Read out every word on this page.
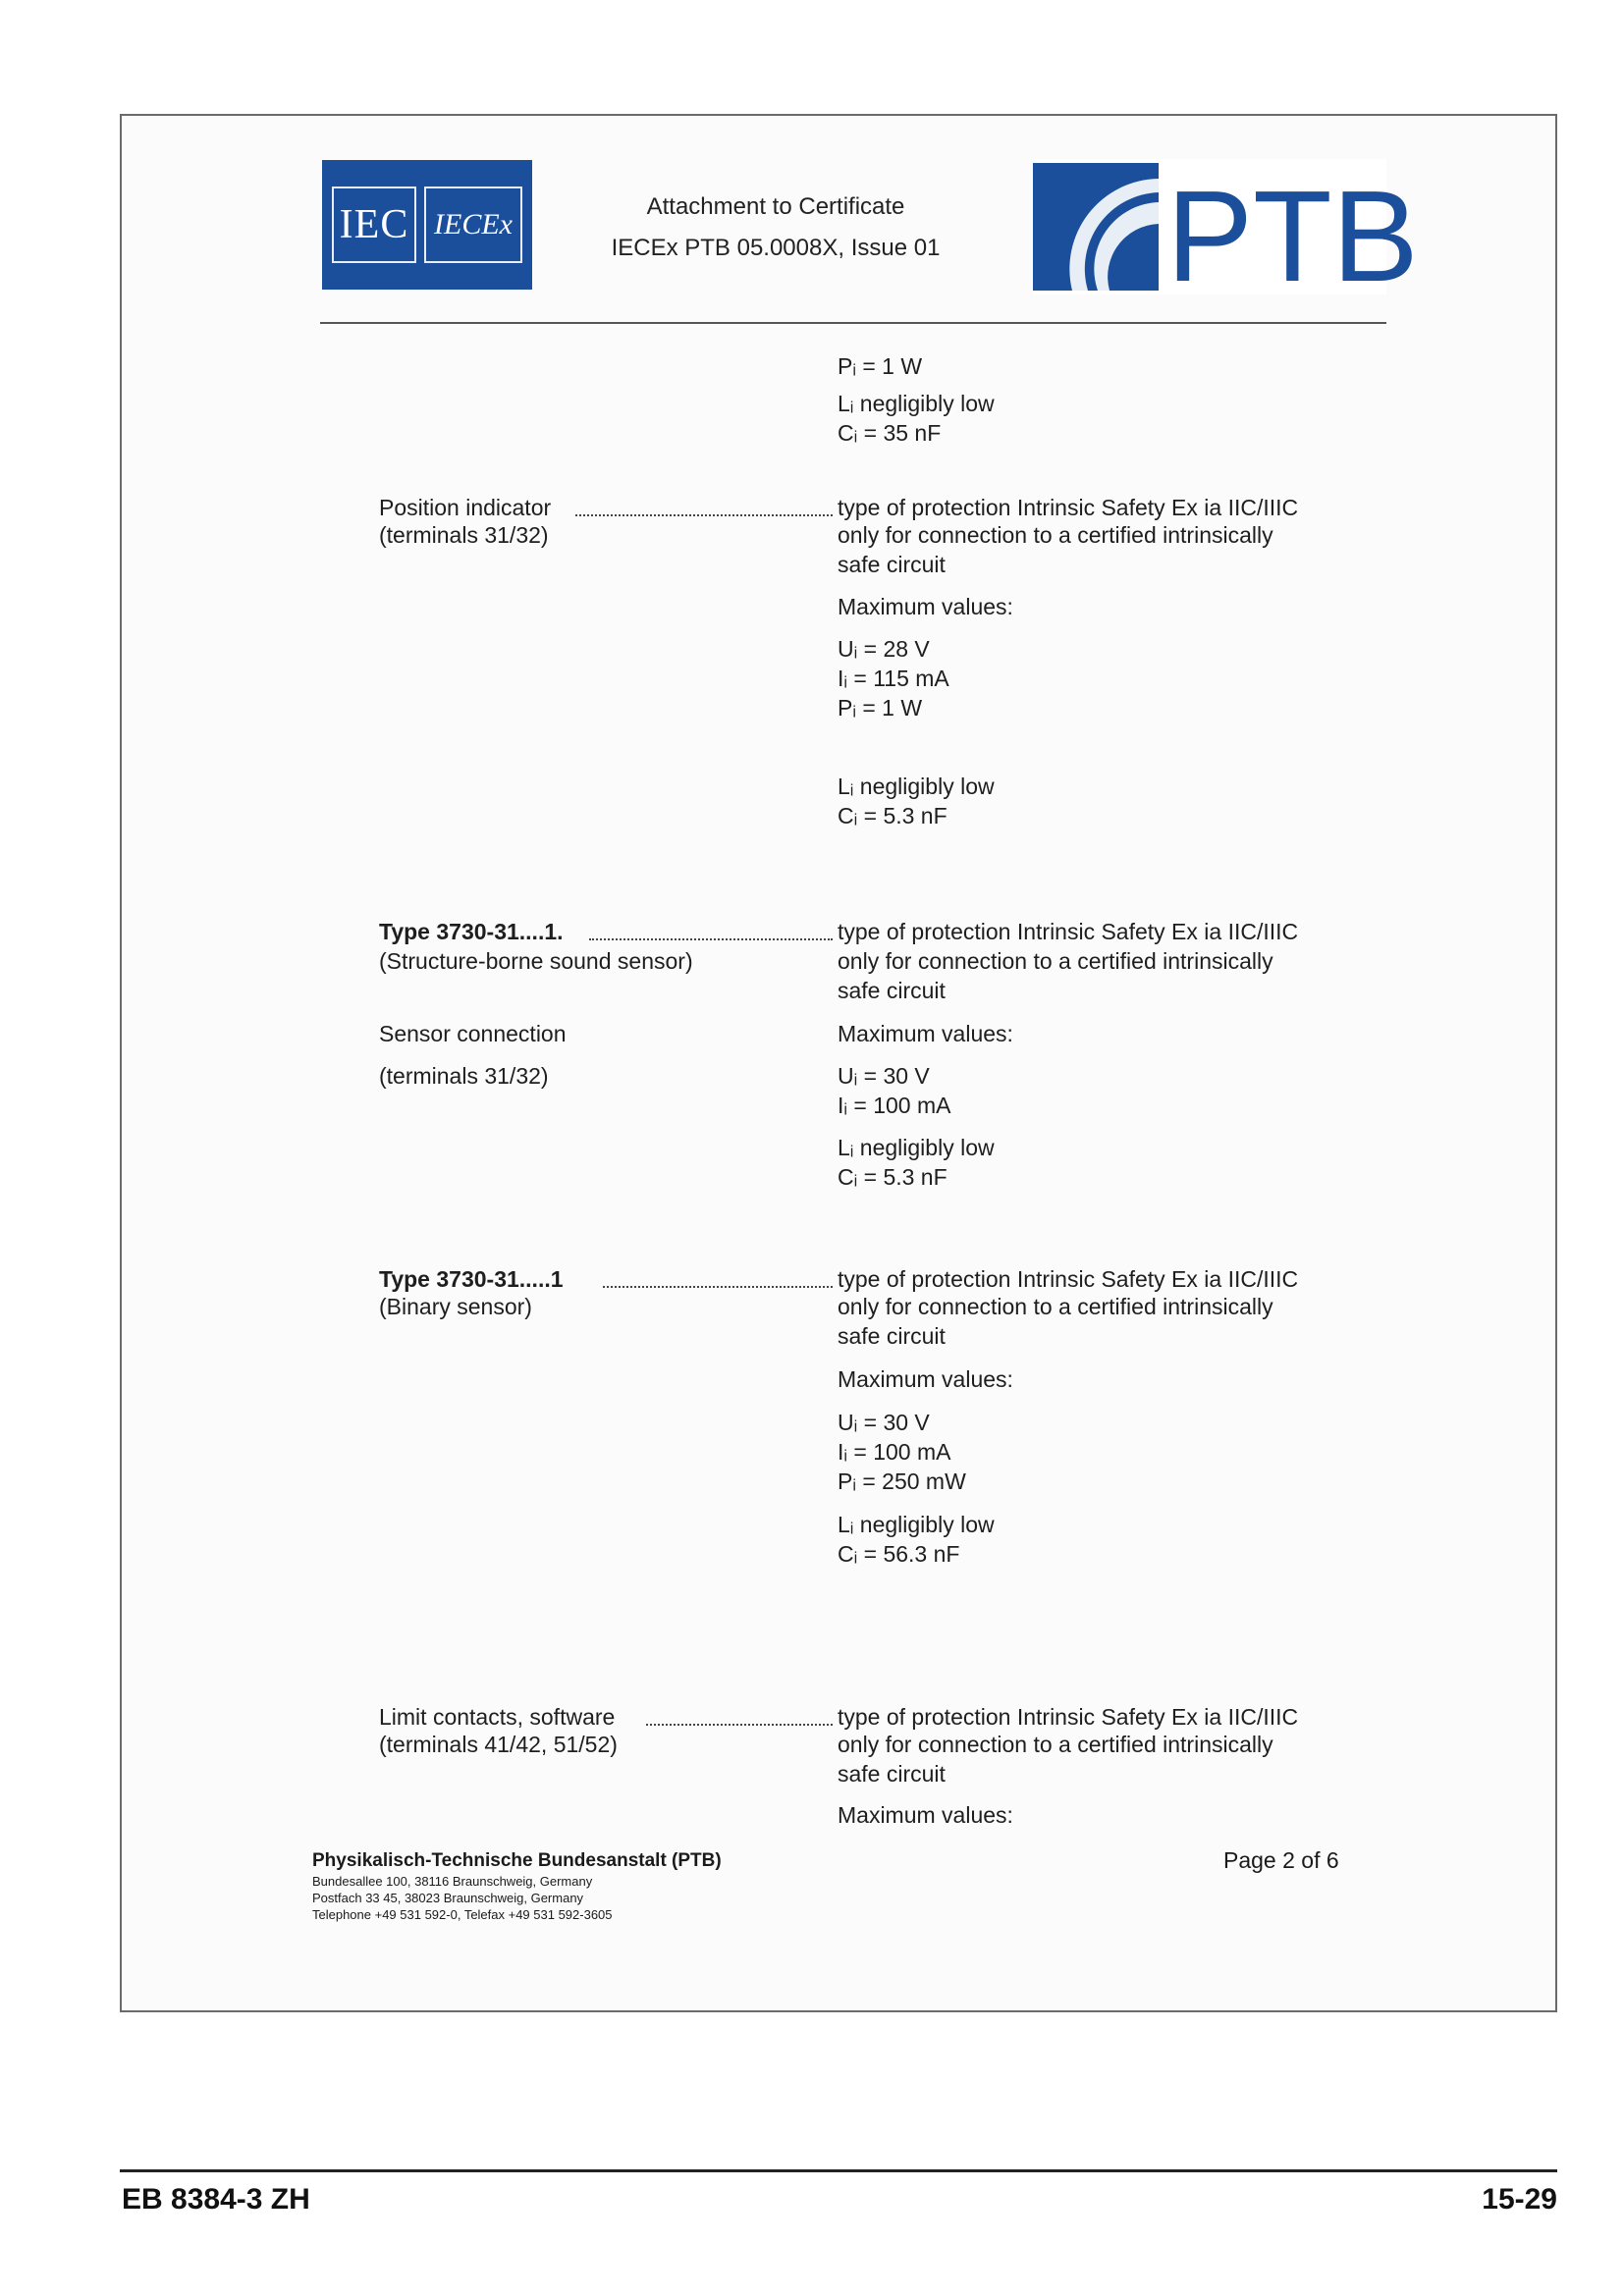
IEC IECEx
Attachment to Certificate
IECEx PTB 05.0008X, Issue 01	PTB
Pᵢ = 1 W
Lᵢ negligibly low
Cᵢ = 35 nF
Position indicator
(terminals 31/32)
type of protection Intrinsic Safety Ex ia IIC/IIIC
only for connection to a certified intrinsically
safe circuit
Maximum values:
Uᵢ = 28 V
Iᵢ = 115 mA
Pᵢ = 1 W
Lᵢ negligibly low
Cᵢ = 5.3 nF
Type 3730-31....1.
(Structure-borne sound sensor)
Sensor connection
(terminals 31/32)
type of protection Intrinsic Safety Ex ia IIC/IIIC
only for connection to a certified intrinsically
safe circuit
Maximum values:
Uᵢ = 30 V
Iᵢ = 100 mA
Lᵢ negligibly low
Cᵢ = 5.3 nF
Type 3730-31.....1
(Binary sensor)
type of protection Intrinsic Safety Ex ia IIC/IIIC
only for connection to a certified intrinsically
safe circuit
Maximum values:
Uᵢ = 30 V
Iᵢ = 100 mA
Pᵢ = 250 mW
Lᵢ negligibly low
Cᵢ = 56.3 nF
Limit contacts, software
(terminals 41/42, 51/52)
type of protection Intrinsic Safety Ex ia IIC/IIIC
only for connection to a certified intrinsically
safe circuit
Maximum values:
Physikalisch-Technische Bundesanstalt (PTB)
Bundesallee 100, 38116 Braunschweig, Germany
Postfach 33 45, 38023 Braunschweig, Germany
Telephone +49 531 592-0, Telefax +49 531 592-3605
Page 2 of 6
EB 8384-3 ZH	15-29
